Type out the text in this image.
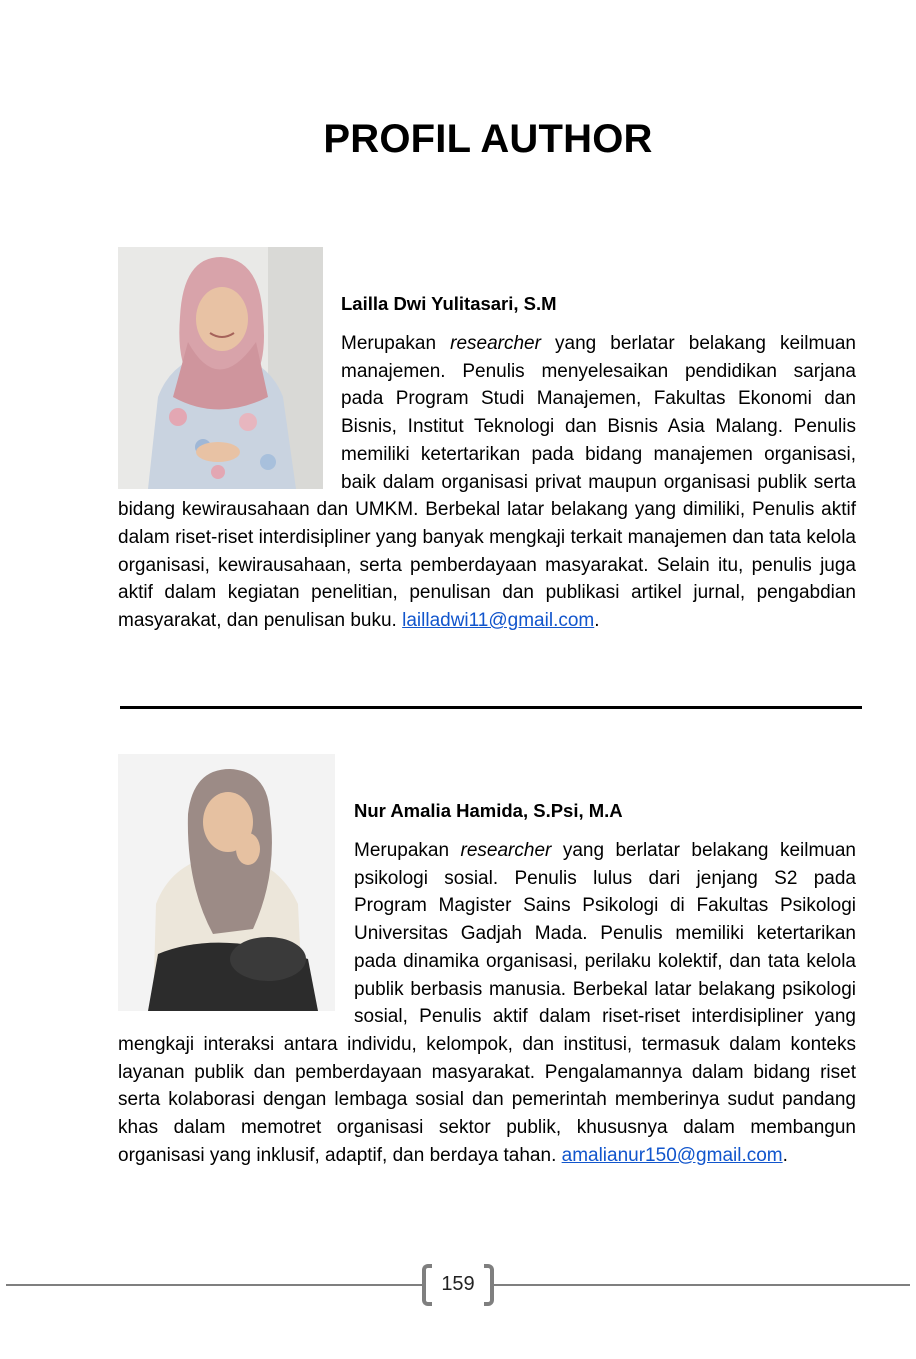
PROFIL AUTHOR
Lailla Dwi Yulitasari, S.M

Merupakan researcher yang berlatar belakang keilmuan manajemen. Penulis menyelesaikan pendidikan sarjana pada Program Studi Manajemen, Fakultas Ekonomi dan Bisnis, Institut Teknologi dan Bisnis Asia Malang. Penulis memiliki ketertarikan pada bidang manajemen organisasi, baik dalam organisasi privat maupun organisasi publik serta bidang kewirausahaan dan UMKM. Berbekal latar belakang yang dimiliki, Penulis aktif dalam riset-riset interdisipliner yang banyak mengkaji terkait manajemen dan tata kelola organisasi, kewirausahaan, serta pemberdayaan masyarakat. Selain itu, penulis juga aktif dalam kegiatan penelitian, penulisan dan publikasi artikel jurnal, pengabdian masyarakat, dan penulisan buku. lailladwi11@gmail.com.

Nur Amalia Hamida, S.Psi, M.A

Merupakan researcher yang berlatar belakang keilmuan psikologi sosial. Penulis lulus dari jenjang S2 pada Program Magister Sains Psikologi di Fakultas Psikologi Universitas Gadjah Mada. Penulis memiliki ketertarikan pada dinamika organisasi, perilaku kolektif, dan tata kelola publik berbasis manusia. Berbekal latar belakang psikologi sosial, Penulis aktif dalam riset-riset interdisipliner yang mengkaji interaksi antara individu, kelompok, dan institusi, termasuk dalam konteks layanan publik dan pemberdayaan masyarakat. Pengalamannya dalam bidang riset serta kolaborasi dengan lembaga sosial dan pemerintah memberinya sudut pandang khas dalam memotret organisasi sektor publik, khususnya dalam membangun organisasi yang inklusif, adaptif, dan berdaya tahan. amalianur150@gmail.com.

159
